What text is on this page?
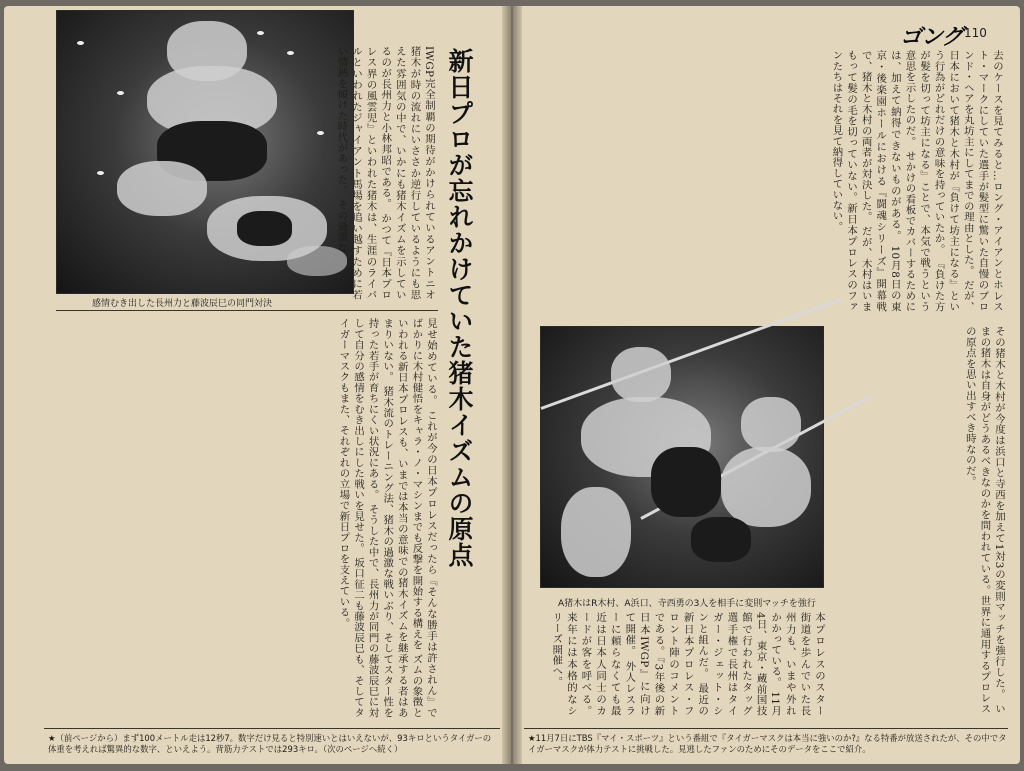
感情むき出した長州力と藤波辰巳の同門対決
IWGP完全制覇の期待がかけられているアントニオ猪木が時の流れにいささか逆行しているようにも思えた雰囲気の中で、いかにも猪木イズムを示しているのが長州力と小林邦昭である。 かつて『日本プロレス界の風雲児』といわれた猪木は、生涯のライバルといわれたジャイアント馬場を追い越すために若い情熱を傾けた時代があった。 その過激な	新日プロが忘れかけていた猪木イズムの原点
見せ始めている。 これが今の日本プロレスだったら『そんな勝手は許されん』で ばかりに木村健悟をキャラ・ノ・マシンまでも反撃を開始する構えを ズムの象徴といわれる新日本プロレスも、いまでは本当の意味での猪木イズムを継承する者はあまりいない。 猪木流のトレーニング法、猪木の過激な戦いぶり、そしてスター性を持った若手が育ちにくい状況にある。 そうした中で、長州力が同門の藤波辰巳に対して自分の感情をむき出しにした戦いを見せた。 坂口征二も藤波辰巳も、そしてタイガーマスクもまた、それぞれの立場で新日プロを支えている。
★（前ページから）まず100メートル走は12秒7。数字だけ見ると特別速いとはいえないが、93キロというタイガーの体重を考えれば驚異的な数字、といえよう。背筋力テストでは293キロ。（次のページへ続く）
ゴング 110
去のケースを見てみると…ロング・アイアンとホレスト・マークにしていた選手が髪型に驚いた自慢のブロンド・ヘアを丸坊主にしてまでの理由とした。 だが、日本において猪木と木村が『負けて坊主になる』という行為がどれだけの意味を持っていたか。 『負けた方が髪を切って坊主になる』ことで、本気で戦うという意思を示したのだ。 せかけの看板でカバーするためには、加えて納得できないものがある。 10月8日の東京・後楽園ホールにおける『闘魂シリーズ』開幕戦で、猪木と木村の両者が対決した。 だが、木村はいまもって髪の毛を切っていない。新日本プロレスのファンたちはそれを見て納得していない。
A猪木はR木村、A浜口、寺西勇の3人を相手に変則マッチを強行	その猪木と木村が今度は浜口と寺西を加えて1対3の変則マッチを強行した。 いまの猪木は自身がどうあるべきなのかを問われている。世界に通用するプロレスの原点を思い出すべき時なのだ。
本プロレスのスター街道を歩んでいた長州力も、いまや外れかかっている。 11月4日、東京・蔵前国技館で行われたタッグ選手権で長州はタイガー・ジェット・シンと組んだ。 最近の新日本プロレス・フロント陣のコメントである。『3年後の新日本IWGP』に向けて開催。 外人レスラーに頼らなくても最近は日本人同士のカードが客を呼べる。来年には本格的なシリーズ開催へ。
★11月7日にTBS『マイ・スポーツ』という番組で『タイガーマスクは本当に強いのか?』なる特番が放送されたが、その中でタイガーマスクが体力テストに挑戦した。見逃したファンのためにそのデータをここで紹介。
